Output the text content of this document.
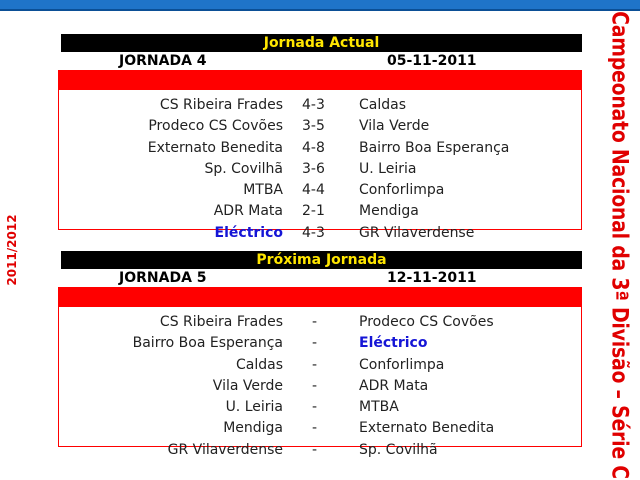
2011/2012	Campeonato Nacional da 3ª Divisão – Série C
Jornada Actual
JORNADA 4	05-11-2011
CS Ribeira Frades 4-3 Caldas
Prodeco CS Covões 3-5 Vila Verde
Externato Benedita 4-8 Bairro Boa Esperança
Sp. Covilhã 3-6 U. Leiria
MTBA 4-4 Conforlimpa
ADR Mata 2-1 Mendiga
Eléctrico 4-3 GR Vilaverdense
Próxima Jornada
JORNADA 5	12-11-2011
CS Ribeira Frades -	Prodeco CS Covões
Bairro Boa Esperança -	Eléctrico
Caldas -	Conforlimpa
Vila Verde -	ADR Mata
U. Leiria -	MTBA
Mendiga -	Externato Benedita
GR Vilaverdense -	Sp. Covilhã
